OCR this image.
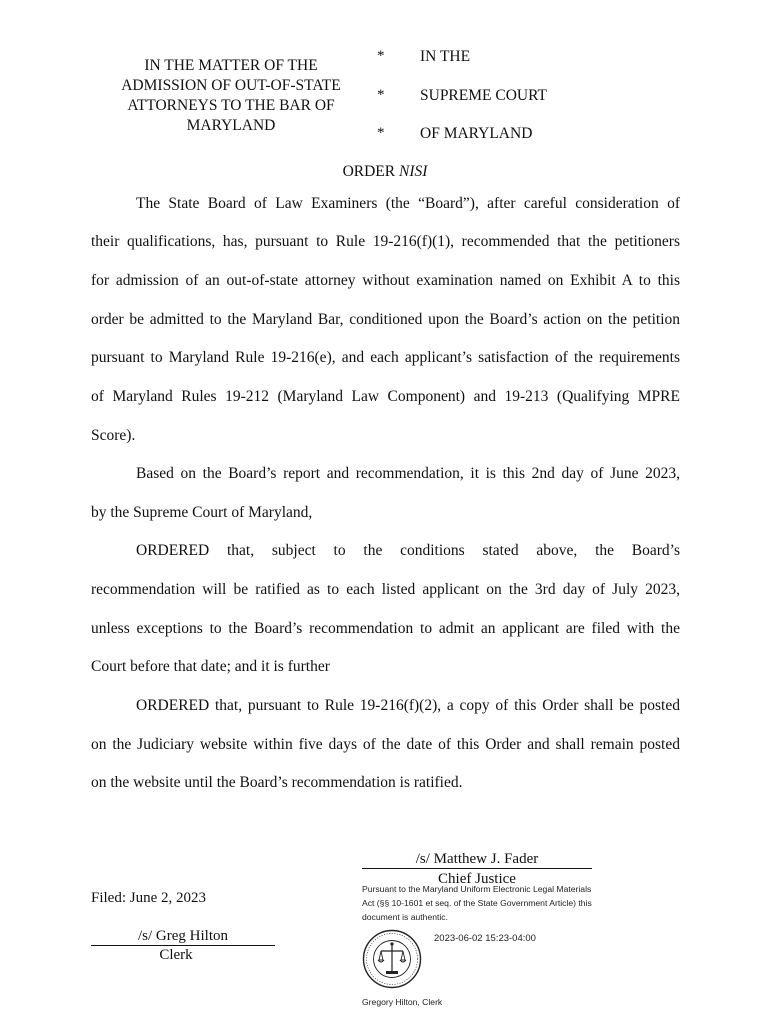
IN THE MATTER OF THE
ADMISSION OF OUT-OF-STATE
ATTORNEYS TO THE BAR OF
MARYLAND
*
*
*
IN THE
SUPREME COURT
OF MARYLAND
ORDER NISI
The State Board of Law Examiners (the “Board”), after careful consideration of
their qualifications, has, pursuant to Rule 19-216(f)(1), recommended that the petitioners
for admission of an out-of-state attorney without examination named on Exhibit A to this
order be admitted to the Maryland Bar, conditioned upon the Board’s action on the petition
pursuant to Maryland Rule 19-216(e), and each applicant’s satisfaction of the requirements
of Maryland Rules 19-212 (Maryland Law Component) and 19-213 (Qualifying MPRE
Score).
Based on the Board’s report and recommendation, it is this 2nd day of June 2023,
by the Supreme Court of Maryland,
ORDERED that, subject to the conditions stated above, the Board’s
recommendation will be ratified as to each listed applicant on the 3rd day of July 2023,
unless exceptions to the Board’s recommendation to admit an applicant are filed with the
Court before that date; and it is further
ORDERED that, pursuant to Rule 19-216(f)(2), a copy of this Order shall be posted
on the Judiciary website within five days of the date of this Order and shall remain posted
on the website until the Board’s recommendation is ratified.
/s/ Matthew J. Fader
Chief Justice
Pursuant to the Maryland Uniform Electronic Legal Materials
Act (§§ 10-1601 et seq. of the State Government Article) this
document is authentic.
Filed: June 2, 2023
/s/ Greg Hilton
Clerk
2023-06-02 15:23-04:00
Gregory Hilton, Clerk
